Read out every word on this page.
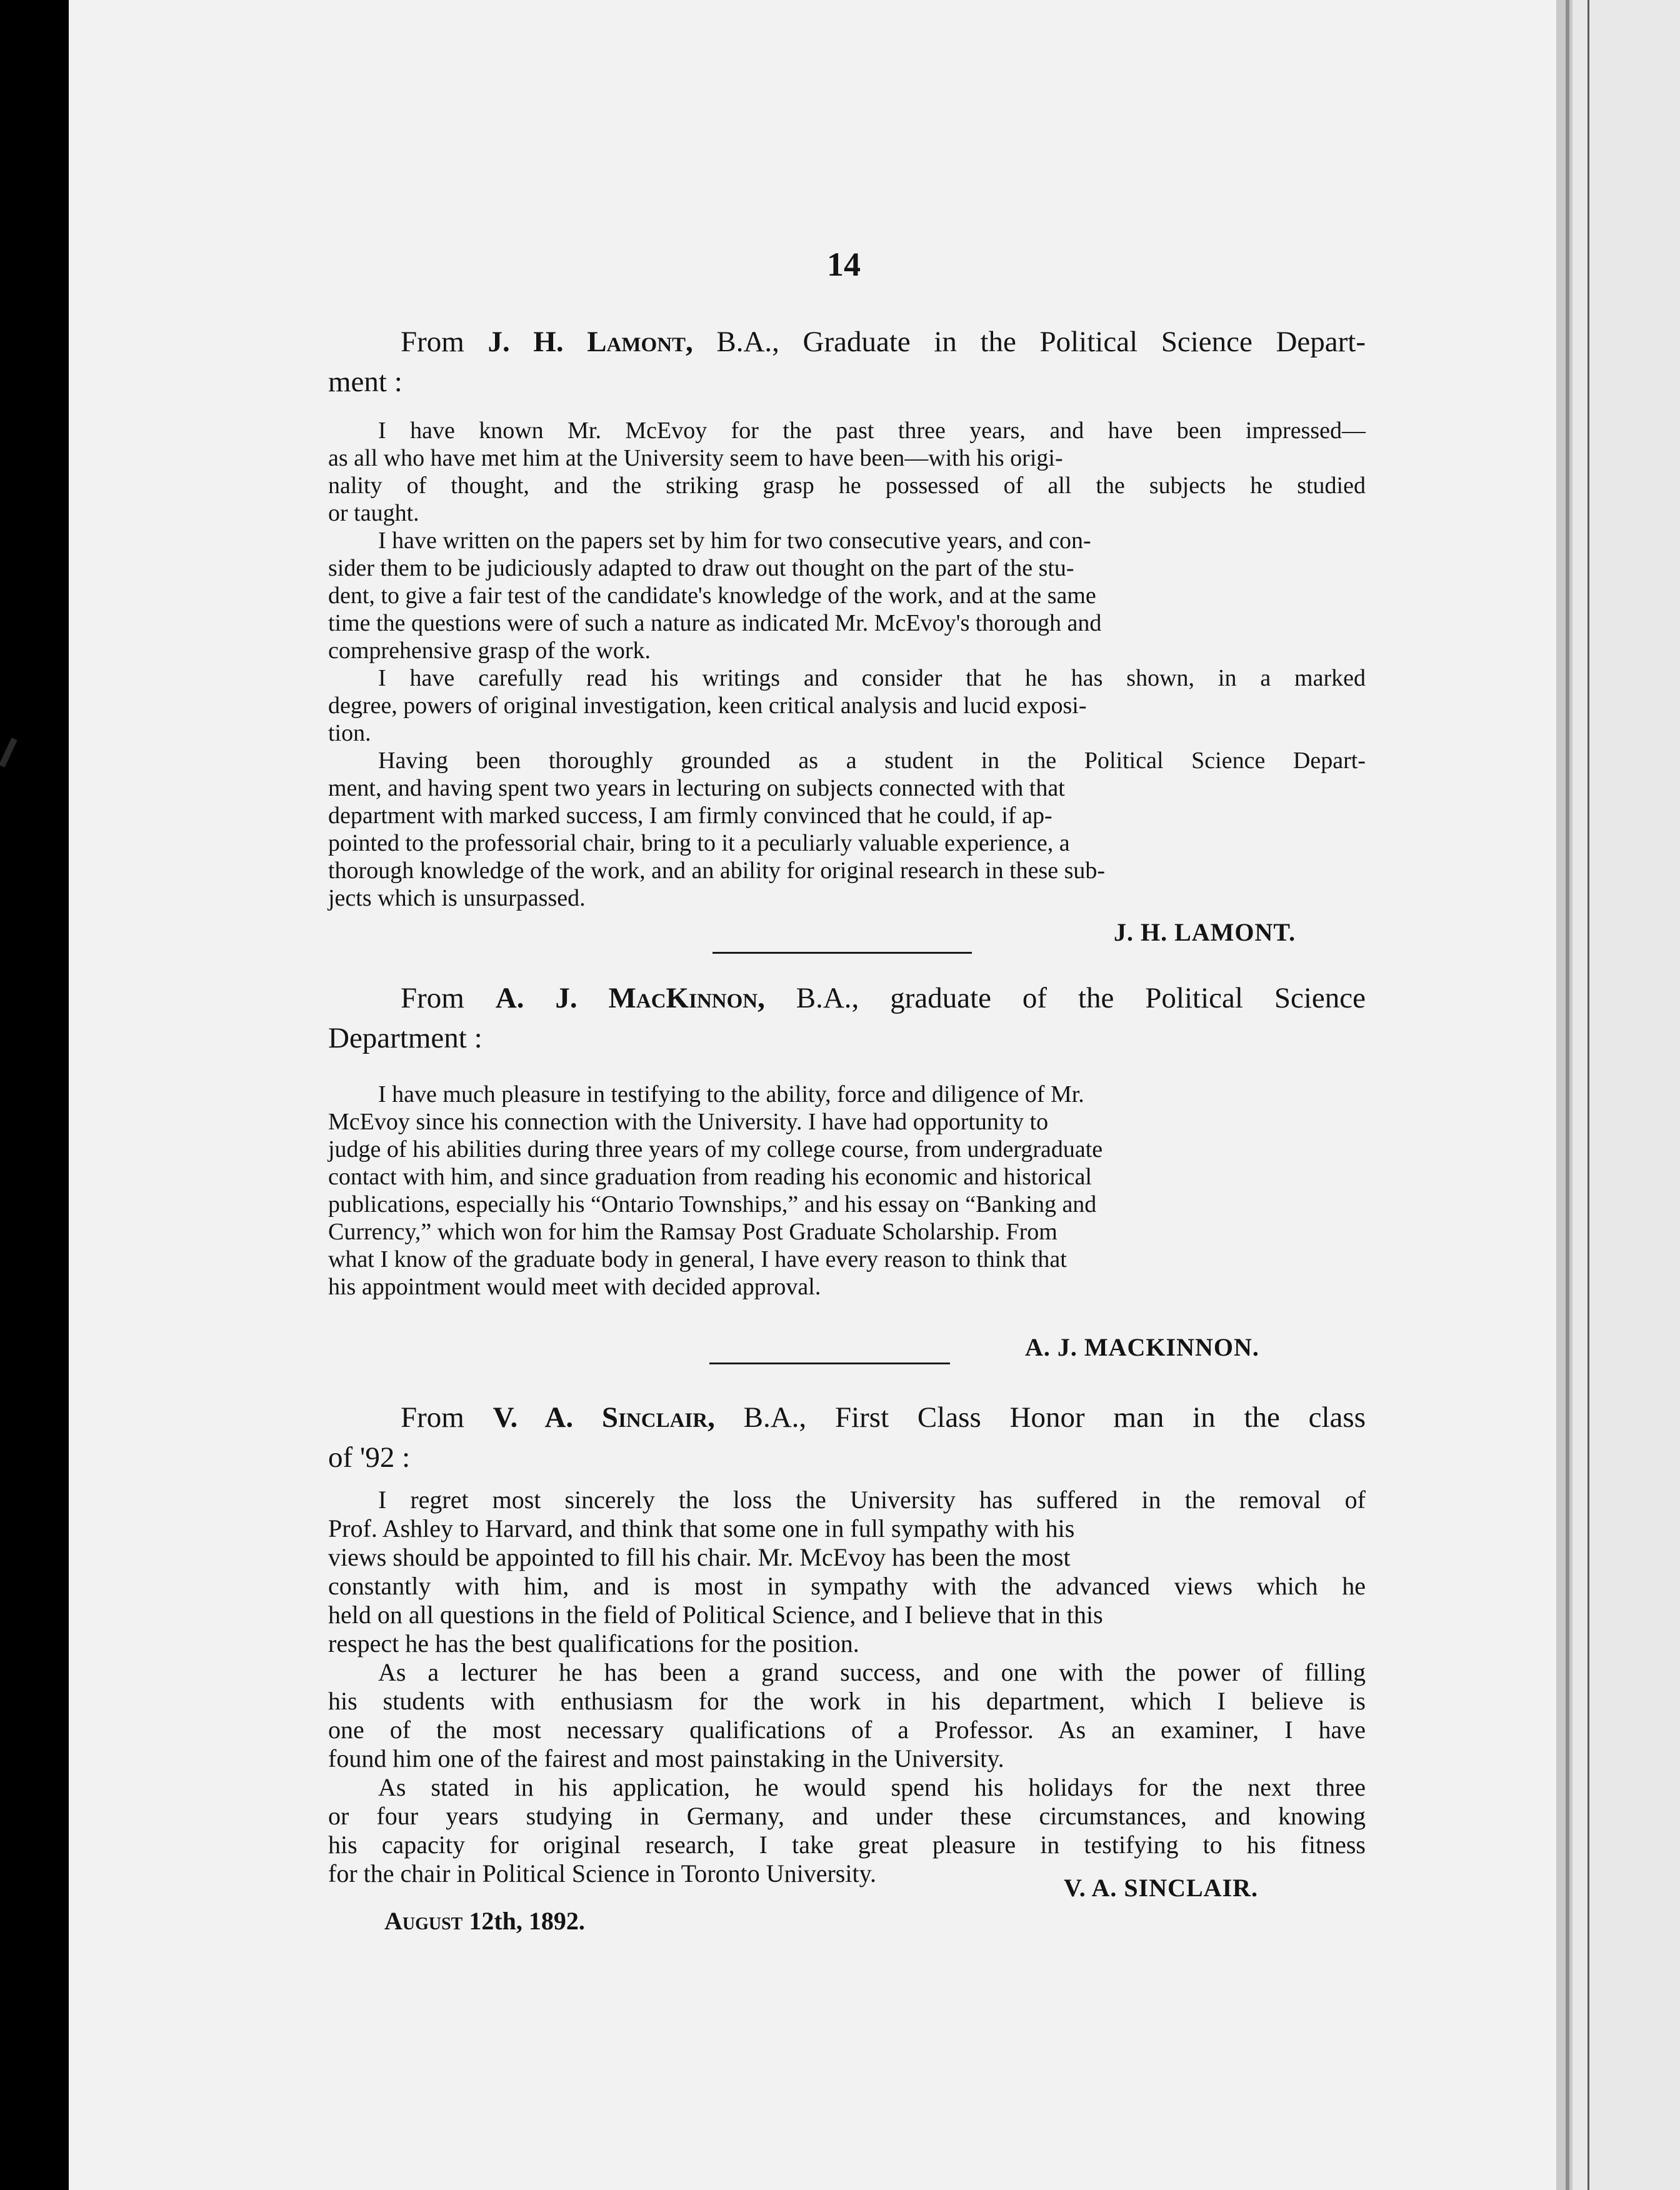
14
From J. H. Lamont, B.A., Graduate in the Political Science Depart-
ment :
I have known Mr. McEvoy for the past three years, and have been impressed—
as all who have met him at the University seem to have been—with his origi-
nality of thought, and the striking grasp he possessed of all the subjects he studied
or taught.
I have written on the papers set by him for two consecutive years, and con-
sider them to be judiciously adapted to draw out thought on the part of the stu-
dent, to give a fair test of the candidate's knowledge of the work, and at the same
time the questions were of such a nature as indicated Mr. McEvoy's thorough and
comprehensive grasp of the work.
I have carefully read his writings and consider that he has shown, in a marked
degree, powers of original investigation, keen critical analysis and lucid exposi-
tion.
Having been thoroughly grounded as a student in the Political Science Depart-
ment, and having spent two years in lecturing on subjects connected with that
department with marked success, I am firmly convinced that he could, if ap-
pointed to the professorial chair, bring to it a peculiarly valuable experience, a
thorough knowledge of the work, and an ability for original research in these sub-
jects which is unsurpassed.
J. H. LAMONT.
From A. J. MacKinnon, B.A., graduate of the Political Science
Department :
I have much pleasure in testifying to the ability, force and diligence of Mr.
McEvoy since his connection with the University. I have had opportunity to
judge of his abilities during three years of my college course, from undergraduate
contact with him, and since graduation from reading his economic and historical
publications, especially his “Ontario Townships,” and his essay on “Banking and
Currency,” which won for him the Ramsay Post Graduate Scholarship. From
what I know of the graduate body in general, I have every reason to think that
his appointment would meet with decided approval.
A. J. MACKINNON.
From V. A. Sinclair, B.A., First Class Honor man in the class
of '92 :
I regret most sincerely the loss the University has suffered in the removal of
Prof. Ashley to Harvard, and think that some one in full sympathy with his
views should be appointed to fill his chair. Mr. McEvoy has been the most
constantly with him, and is most in sympathy with the advanced views which he
held on all questions in the field of Political Science, and I believe that in this
respect he has the best qualifications for the position.
As a lecturer he has been a grand success, and one with the power of filling
his students with enthusiasm for the work in his department, which I believe is
one of the most necessary qualifications of a Professor. As an examiner, I have
found him one of the fairest and most painstaking in the University.
As stated in his application, he would spend his holidays for the next three
or four years studying in Germany, and under these circumstances, and knowing
his capacity for original research, I take great pleasure in testifying to his fitness
for the chair in Political Science in Toronto University.
V. A. SINCLAIR.
August 12th, 1892.
